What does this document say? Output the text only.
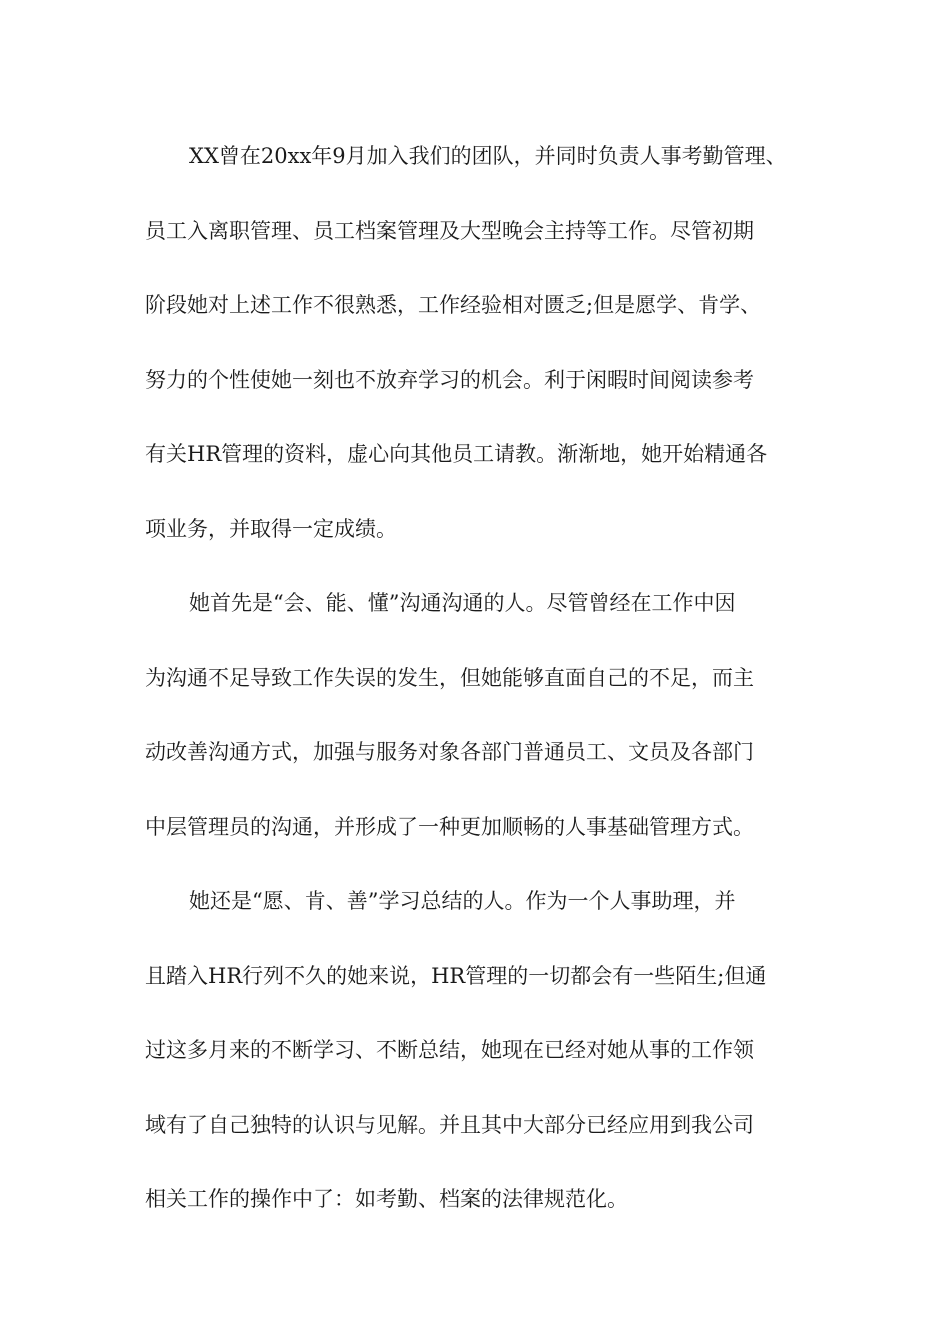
XX曾在20xx年9月加入我们的团队，并同时负责人事考勤管理、
员工入离职管理、员工档案管理及大型晚会主持等工作。尽管初期
阶段她对上述工作不很熟悉，工作经验相对匮乏;但是愿学、肯学、
努力的个性使她一刻也不放弃学习的机会。利于闲暇时间阅读参考
有关HR管理的资料，虚心向其他员工请教。渐渐地，她开始精通各
项业务，并取得一定成绩。
她首先是“会、能、懂”沟通沟通的人。尽管曾经在工作中因
为沟通不足导致工作失误的发生，但她能够直面自己的不足，而主
动改善沟通方式，加强与服务对象各部门普通员工、文员及各部门
中层管理员的沟通，并形成了一种更加顺畅的人事基础管理方式。
她还是“愿、肯、善”学习总结的人。作为一个人事助理，并
且踏入HR行列不久的她来说，HR管理的一切都会有一些陌生;但通
过这多月来的不断学习、不断总结，她现在已经对她从事的工作领
域有了自己独特的认识与见解。并且其中大部分已经应用到我公司
相关工作的操作中了：如考勤、档案的法律规范化。
